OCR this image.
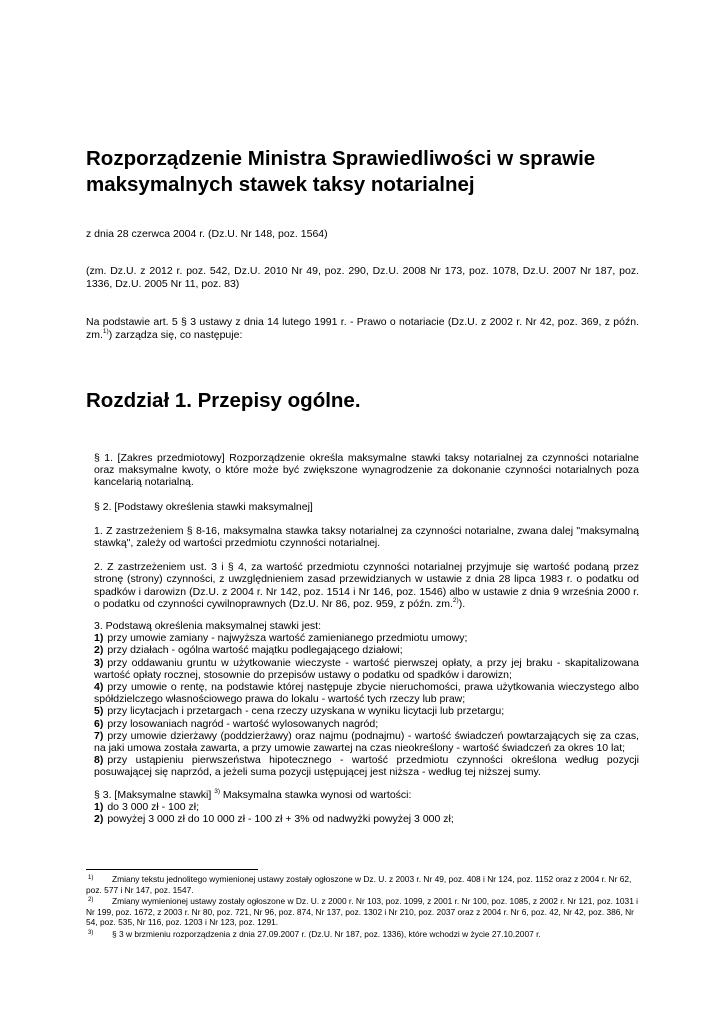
Rozporządzenie Ministra Sprawiedliwości w sprawie maksymalnych stawek taksy notarialnej

z dnia 28 czerwca 2004 r. (Dz.U. Nr 148, poz. 1564)

(zm. Dz.U. z 2012 r. poz. 542, Dz.U. 2010 Nr 49, poz. 290, Dz.U. 2008 Nr 173, poz. 1078, Dz.U. 2007 Nr 187, poz. 1336, Dz.U. 2005 Nr 11, poz. 83)

Na podstawie art. 5 § 3 ustawy z dnia 14 lutego 1991 r. - Prawo o notariacie (Dz.U. z 2002 r. Nr 42, poz. 369, z późn. zm.$^{1)}$) zarządza się, co następuje:

Rozdział 1. Przepisy ogólne.

§ 1. [Zakres przedmiotowy] Rozporządzenie określa maksymalne stawki taksy notarialnej za czynności notarialne oraz maksymalne kwoty, o które może być zwiększone wynagrodzenie za dokonanie czynności notarialnych poza kancelarią notarialną.

§ 2. [Podstawy określenia stawki maksymalnej]

1. Z zastrzeżeniem § 8-16, maksymalna stawka taksy notarialnej za czynności notarialne, zwana dalej "maksymalną stawką", zależy od wartości przedmiotu czynności notarialnej.

2. Z zastrzeżeniem ust. 3 i § 4, za wartość przedmiotu czynności notarialnej przyjmuje się wartość podaną przez stronę (strony) czynności, z uwzględnieniem zasad przewidzianych w ustawie z dnia 28 lipca 1983 r. o podatku od spadków i darowizn (Dz.U. z 2004 r. Nr 142, poz. 1514 i Nr 146, poz. 1546) albo w ustawie z dnia 9 września 2000 r. o podatku od czynności cywilnoprawnych (Dz.U. Nr 86, poz. 959, z późn. zm.$^{2)}$).

3. Podstawą określenia maksymalnej stawki jest:

1) przy umowie zamiany - najwyższa wartość zamienianego przedmiotu umowy;

2) przy działach - ogólna wartość majątku podlegającego działowi;

3) przy oddawaniu gruntu w użytkowanie wieczyste - wartość pierwszej opłaty, a przy jej braku - skapitalizowana wartość opłaty rocznej, stosownie do przepisów ustawy o podatku od spadków i darowizn;

4) przy umowie o rentę, na podstawie której następuje zbycie nieruchomości, prawa użytkowania wieczystego albo spółdzielczego własnościowego prawa do lokalu - wartość tych rzeczy lub praw;

5) przy licytacjach i przetargach - cena rzeczy uzyskana w wyniku licytacji lub przetargu;

6) przy losowaniach nagród - wartość wylosowanych nagród;

7) przy umowie dzierżawy (poddzierżawy) oraz najmu (podnajmu) - wartość świadczeń powtarzających się za czas, na jaki umowa została zawarta, a przy umowie zawartej na czas nieokreślony - wartość świadczeń za okres 10 lat;

8) przy ustąpieniu pierwszeństwa hipotecznego - wartość przedmiotu czynności określona według pozycji posuwającej się naprzód, a jeżeli suma pozycji ustępującej jest niższa - według tej niższej sumy.

§ 3. [Maksymalne stawki] $^{3)}$ Maksymalna stawka wynosi od wartości:

1) do 3 000 zł - 100 zł;

2) powyżej 3 000 zł do 10 000 zł - 100 zł + 3% od nadwyżki powyżej 3 000 zł;

1) Zmiany tekstu jednolitego wymienionej ustawy zostały ogłoszone w Dz. U. z 2003 r. Nr 49, poz. 408 i Nr 124, poz. 1152 oraz z 2004 r. Nr 62, poz. 577 i Nr 147, poz. 1547.

2) Zmiany wymienionej ustawy zostały ogłoszone w Dz. U. z 2000 r. Nr 103, poz. 1099, z 2001 r. Nr 100, poz. 1085, z 2002 r. Nr 121, poz. 1031 i Nr 199, poz. 1672, z 2003 r. Nr 80, poz. 721, Nr 96, poz. 874, Nr 137, poz. 1302 i Nr 210, poz. 2037 oraz z 2004 r. Nr 6, poz. 42, Nr 42, poz. 386, Nr 54, poz. 535, Nr 116, poz. 1203 i Nr 123, poz. 1291.

3) § 3 w brzmieniu rozporządzenia z dnia 27.09.2007 r. (Dz.U. Nr 187, poz. 1336), które wchodzi w życie 27.10.2007 r.
